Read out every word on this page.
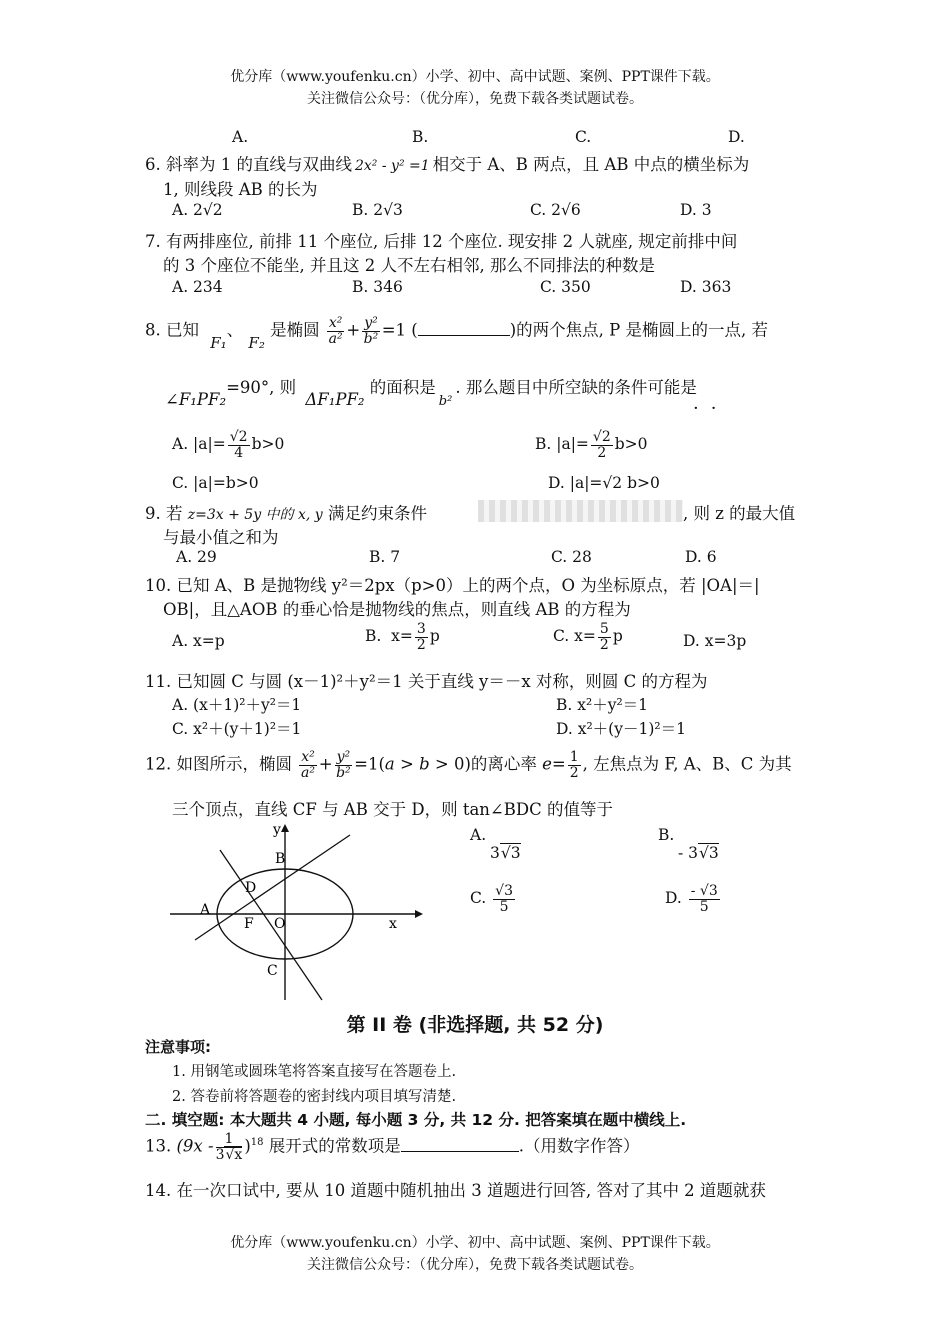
优分库（www.youfenku.cn）小学、初中、高中试题、案例、PPT课件下载。
关注微信公众号：（优分库），免费下载各类试题试卷。
A.	B.	C.	D.
6. 斜率为 1 的直线与双曲线 2x² - y² =1 相交于 A、B 两点，且 AB 中点的横坐标为
1, 则线段 AB 的长为
A. 2√2	B. 2√3	C. 2√6	D. 3
7. 有两排座位, 前排 11 个座位, 后排 12 个座位. 现安排 2 人就座, 规定前排中间
的 3 个座位不能坐, 并且这 2 人不左右相邻, 那么不同排法的种数是
A. 234	B. 346	C. 350	D. 363
8. 已知 F₁、 F₂ 是椭圆 $\frac{\text{x²}}{\text{a²}} + \frac{\text{y²}}{\text{b²}} =1$ (	)的两个焦点, P 是椭圆上的一点, 若
∠F₁PF₂=90°, 则 ΔF₁PF₂ 的面积是$_{b^2}$. 那么题目中所空缺的条件可能是
··
A. $|a|= \frac{√2}{4} b>0$	B. $|a|= \frac{√2}{2} b>0$
C. |a|=b>0	D. |a|=√2 b>0
9. 若 z=3x + 5y 中的 x, y 满足约束条件	, 则 z 的最大值
与最小值之和为
A. 29	B. 7	C. 28	D. 6
10. 已知 A、B 是抛物线 y²＝2px（p>0）上的两个点，O 为坐标原点，若 |OA|＝|
OB|，且△AOB 的垂心恰是抛物线的焦点，则直线 AB 的方程为
A. x=p	B.  $x= \frac{3}{2}$ p	C. $x= \frac{5}{2}$ p	D. x=3p
11. 已知圆 C 与圆 (x－1)²＋y²＝1 关于直线 y＝－x 对称，则圆 C 的方程为
A. (x＋1)²＋y²＝1	B. x²＋y²＝1
C. x²＋(y＋1)²＝1	D. x²＋(y－1)²＝1
12. 如图所示，椭圆 $\frac{\text{x²}}{\text{a²}} + \frac{\text{y²}}{\text{b²}} =1(a > b > 0)$的离心率 $e= \frac{1}{2}$ , 左焦点为 F, A、B、C 为其
三个顶点，直线 CF 与 AB 交于 D，则 tan∠BDC 的值等于
y
x
B
D
A
F O
C
A.
3√3
B.
- 3√3
C. $\frac{√3}{5}$	D. $\frac{- √3}{5}$
第 II 卷 (非选择题, 共 52 分)
注意事项:
1. 用钢笔或圆珠笔将答案直接写在答题卷上.
2. 答卷前将答题卷的密封线内项目填写清楚.
二. 填空题: 本大题共 4 小题, 每小题 3 分, 共 12 分. 把答案填在题中横线上.
13. $(9x - \frac{1}{3√x} )^{18}$ 展开式的常数项是	.（用数字作答）
14. 在一次口试中, 要从 10 道题中随机抽出 3 道题进行回答, 答对了其中 2 道题就获
优分库（www.youfenku.cn）小学、初中、高中试题、案例、PPT课件下载。
关注微信公众号：（优分库），免费下载各类试题试卷。
